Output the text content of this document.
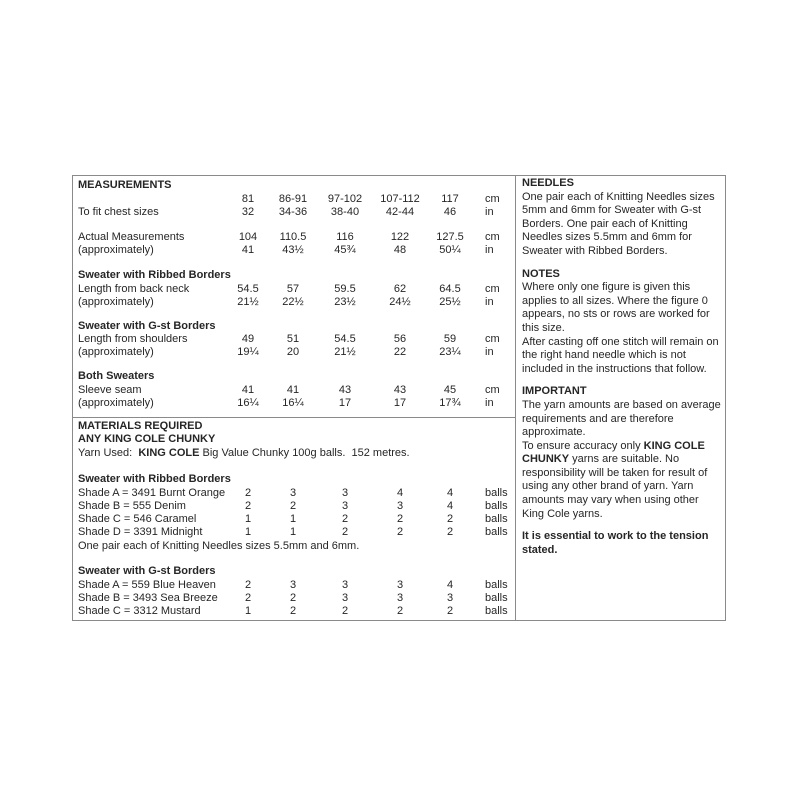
MEASUREMENTS
Sweater with Ribbed Borders
Sweater with G-st Borders
Both Sweaters
81	86-91	97-102	107-112	117	cm
To fit chest sizes	32	34-36	38-40	42-44	46	in
Actual Measurements	104	110.5	116	122	127.5	cm
(approximately)	41	43½	45¾	48	50¼	in
Length from back neck	54.5	57	59.5	62	64.5	cm
(approximately)	21½	22½	23½	24½	25½	in
Length from shoulders	49	51	54.5	56	59	cm
(approximately)	19¼	20	21½	22	23¼	in
Sleeve seam	41	41	43	43	45	cm
(approximately)	16¼	16¼	17	17	17¾	in
MATERIALS REQUIRED
ANY KING COLE CHUNKY
Yarn Used:  KING COLE Big Value Chunky 100g balls.  152 metres.
Sweater with Ribbed Borders
One pair each of Knitting Needles sizes 5.5mm and 6mm.
Sweater with G-st Borders
Shade A = 3491 Burnt Orange	2	3	3	4	4	balls
Shade B = 555 Denim	2	2	3	3	4	balls
Shade C = 546 Caramel	1	1	2	2	2	balls
Shade D = 3391 Midnight	1	1	2	2	2	balls
Shade A = 559 Blue Heaven	2	3	3	3	4	balls
Shade B = 3493 Sea Breeze	2	2	3	3	3	balls
Shade C = 3312 Mustard	1	2	2	2	2	balls

NEEDLES

One pair each of Knitting Needles sizes 5mm and 6mm for Sweater with G-st Borders. One pair each of Knitting Needles sizes 5.5mm and 6mm for Sweater with Ribbed Borders.

NOTES

Where only one figure is given this applies to all sizes. Where the figure 0 appears, no sts or rows are worked for this size.

After casting off one stitch will remain on the right hand needle which is not included in the instructions that follow.

IMPORTANT

The yarn amounts are based on average requirements and are therefore approximate.

To ensure accuracy only KING COLE CHUNKY yarns are suitable. No responsibility will be taken for result of using any other brand of yarn. Yarn amounts may vary when using other King Cole yarns.

It is essential to work to the tension stated.
